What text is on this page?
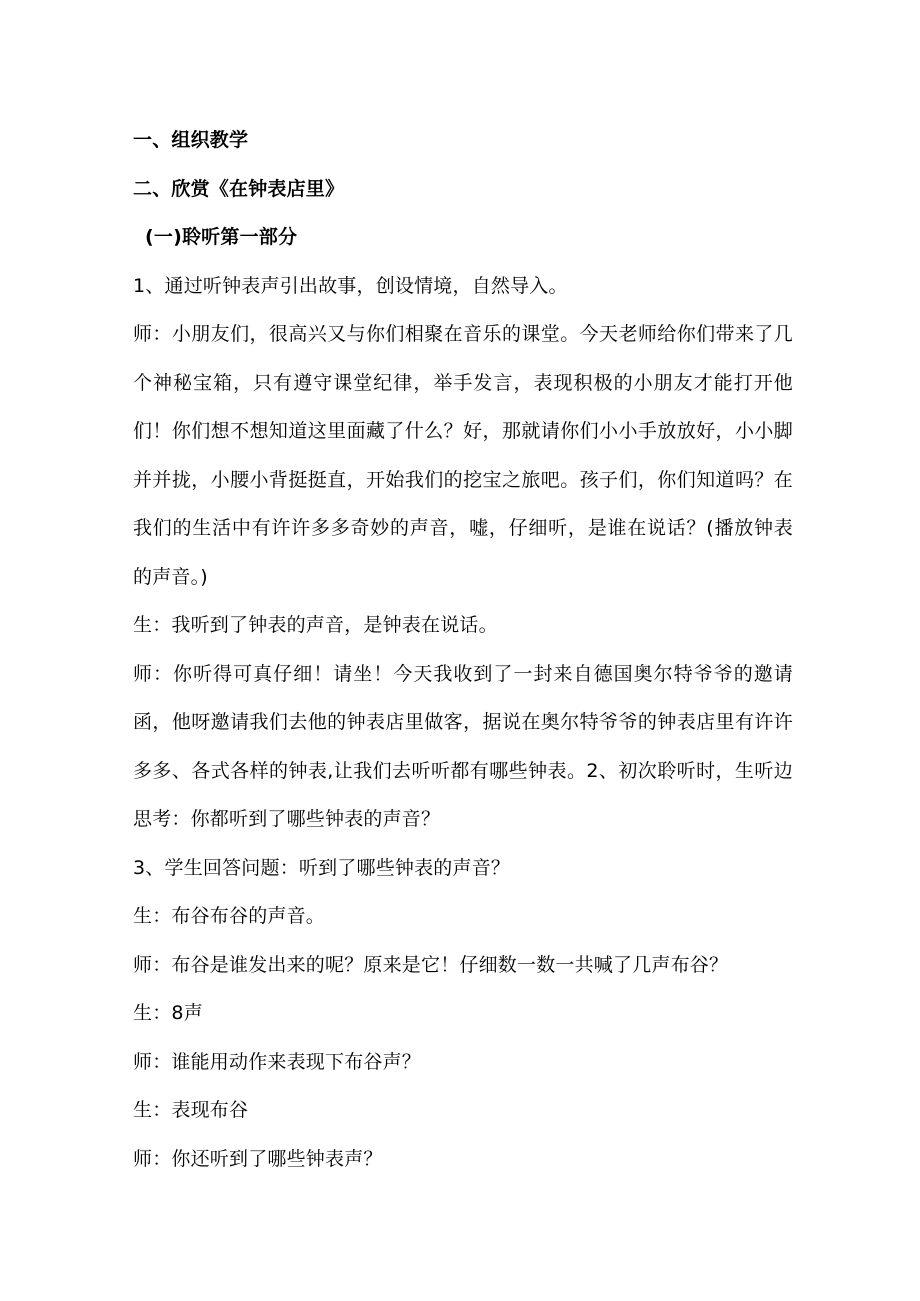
一、组织教学

二、欣赏《在钟表店里》

(一)聆听第一部分

1、通过听钟表声引出故事，创设情境，自然导入。

师：小朋友们，很高兴又与你们相聚在音乐的课堂。今天老师给你们带来了几个神秘宝箱，只有遵守课堂纪律，举手发言，表现积极的小朋友才能打开他们！你们想不想知道这里面藏了什么？好，那就请你们小小手放放好，小小脚并并拢，小腰小背挺挺直，开始我们的挖宝之旅吧。孩子们，你们知道吗？在我们的生活中有许许多多奇妙的声音，嘘，仔细听，是谁在说话？(播放钟表的声音。)

生：我听到了钟表的声音，是钟表在说话。

师：你听得可真仔细！请坐！今天我收到了一封来自德国奥尔特爷爷的邀请函，他呀邀请我们去他的钟表店里做客，据说在奥尔特爷爷的钟表店里有许许多多、各式各样的钟表,让我们去听听都有哪些钟表。2、初次聆听时，生听边思考：你都听到了哪些钟表的声音？

3、学生回答问题：听到了哪些钟表的声音？

生：布谷布谷的声音。

师：布谷是谁发出来的呢？原来是它！仔细数一数一共喊了几声布谷？

生：8声

师：谁能用动作来表现下布谷声？

生：表现布谷

师：你还听到了哪些钟表声？
